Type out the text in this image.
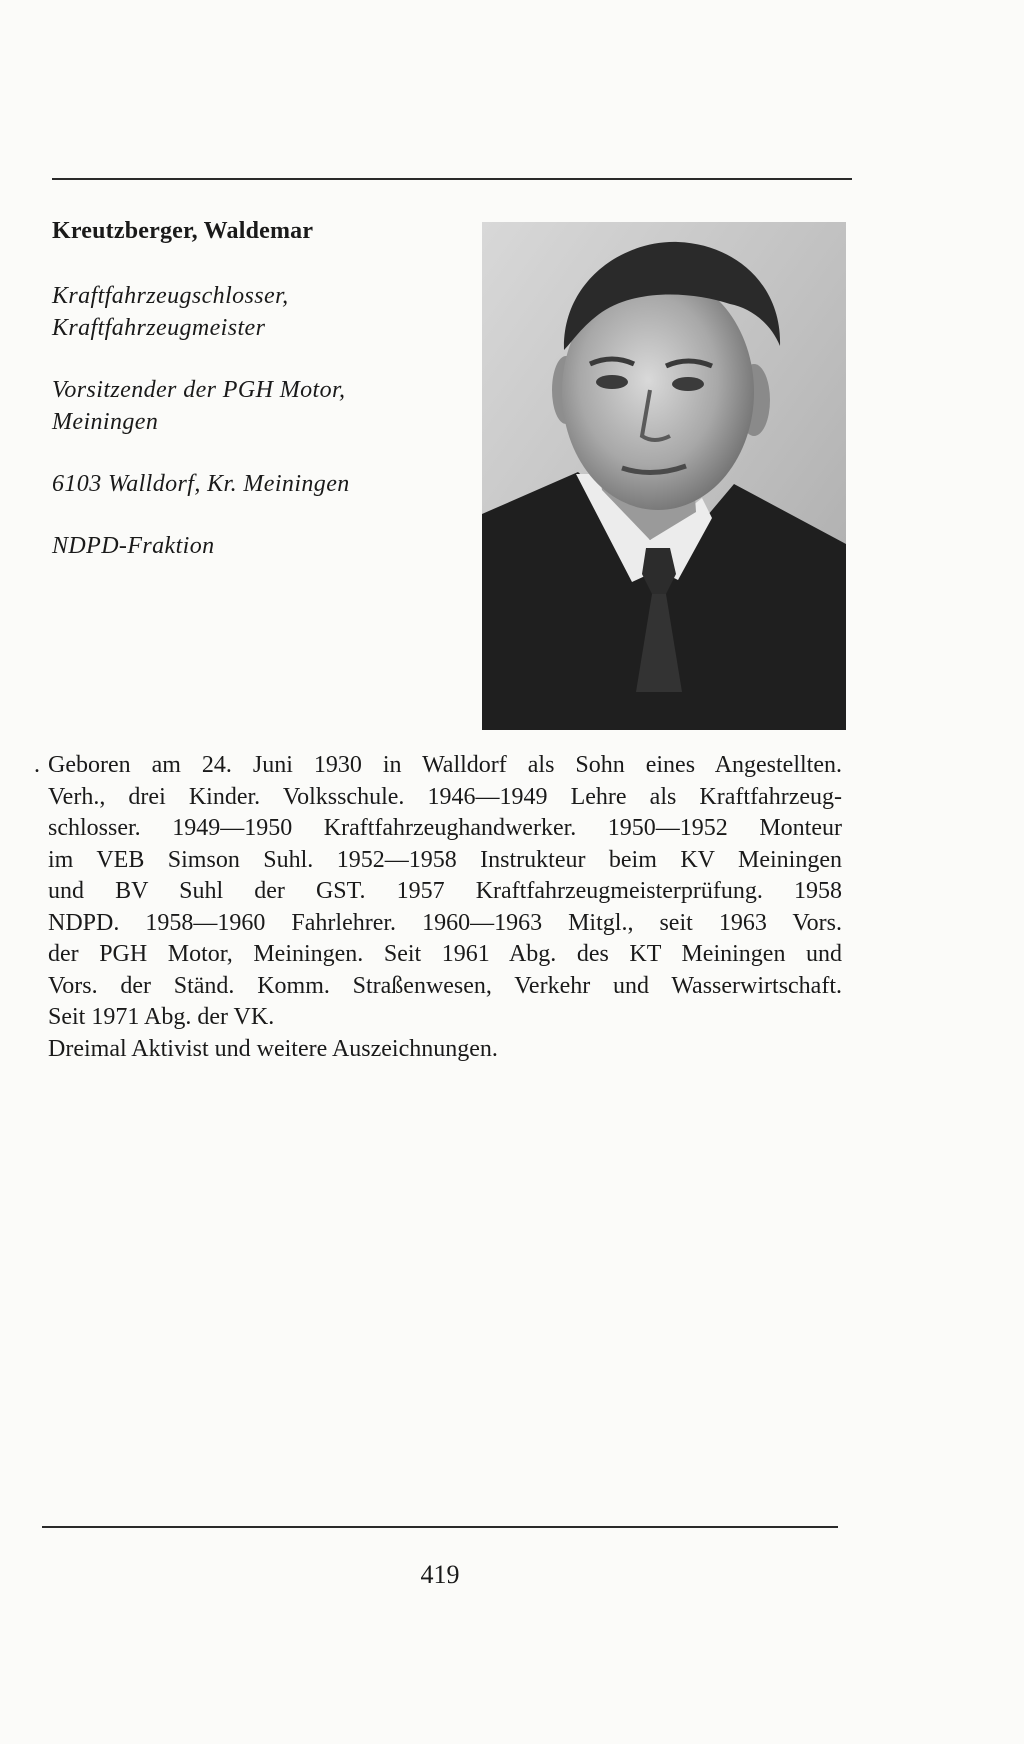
Kreutzberger, Waldemar
Kraftfahrzeugschlosser,
Kraftfahrzeugmeister
Vorsitzender der PGH Motor,
Meiningen
6103 Walldorf, Kr. Meiningen
NDPD-Fraktion
. Geboren am 24. Juni 1930 in Walldorf als Sohn eines Angestellten.
Verh., drei Kinder. Volksschule. 1946—1949 Lehre als Kraftfahrzeug-
schlosser. 1949—1950 Kraftfahrzeughandwerker. 1950—1952 Monteur
im VEB Simson Suhl. 1952—1958 Instrukteur beim KV Meiningen
und BV Suhl der GST. 1957 Kraftfahrzeugmeisterprüfung. 1958
NDPD. 1958—1960 Fahrlehrer. 1960—1963 Mitgl., seit 1963 Vors.
der PGH Motor, Meiningen. Seit 1961 Abg. des KT Meiningen und
Vors. der Ständ. Komm. Straßenwesen, Verkehr und Wasserwirtschaft.
Seit 1971 Abg. der VK.
Dreimal Aktivist und weitere Auszeichnungen.
419
